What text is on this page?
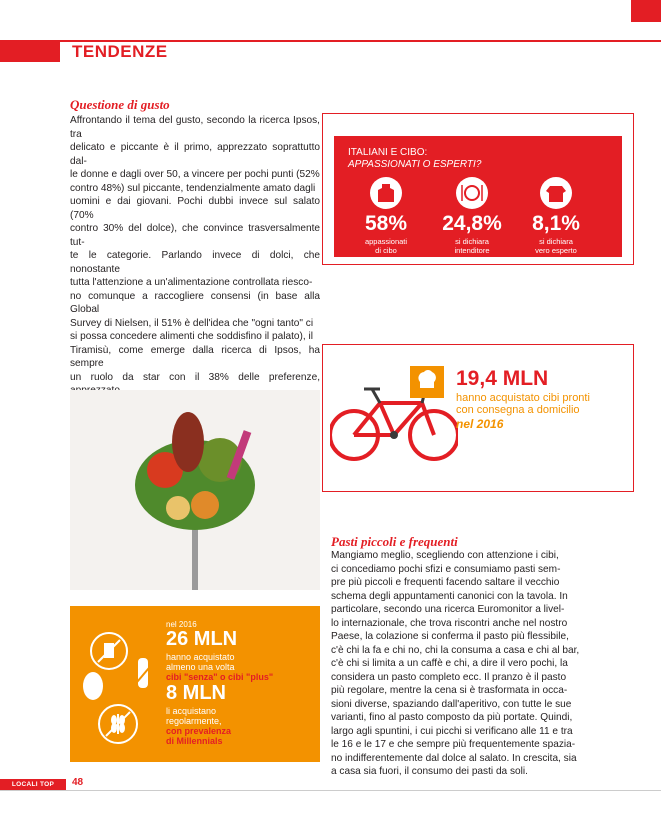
TENDENZE
Questione di gusto

Affrontando il tema del gusto, secondo la ricerca Ipsos, tra

delicato e piccante è il primo, apprezzato soprattutto dal-

le donne e dagli over 50, a vincere per pochi punti (52%

contro 48%) sul piccante, tendenzialmente amato dagli

uomini e dai giovani. Pochi dubbi invece sul salato (70%

contro 30% del dolce), che convince trasversalmente tut-

te le categorie. Parlando invece di dolci, che nonostante

tutta l'attenzione a un'alimentazione controllata riesco-

no comunque a raccogliere consensi (in base alla Global

Survey di Nielsen, il 51% è dell'idea che "ogni tanto" ci

si possa concedere alimenti che soddisfino il palato), il

Tiramisù, come emerge dalla ricerca di Ipsos, ha sempre

un ruolo da star con il 38% delle preferenze,

ITALIANI E CIBO:
APPASSIONATI O ESPERTI?
58%
appassionati
di cibo
24,8%
si dichiara
intenditore
8,1%
si dichiara
vero esperto
19,4 MLN
hanno acquistato cibi pronti
con consegna a domicilio
nel 2016
Pasti piccoli e frequenti

Mangiamo meglio, scegliendo con attenzione i cibi,

ci concediamo pochi sfizi e consumiamo pasti sem-

pre più piccoli e frequenti facendo saltare il vecchio

schema degli appuntamenti canonici con la tavola. In

particolare, secondo una ricerca Euromonitor a livel-

lo internazionale, che trova riscontri anche nel nostro

Paese, la colazione si conferma il pasto più flessibile,

c'è chi la fa e chi no, chi la consuma a casa e chi al bar,

c'è chi si limita a un caffè e chi, a dire il vero pochi, la

considera un pasto completo ecc. Il pranzo è il pasto

più regolare, mentre la cena si è trasformata in occa-

sioni diverse, spaziando dall'aperitivo, con tutte le sue

varianti, fino al pasto composto da più portate. Quindi,

largo agli spuntini, i cui picchi si verificano alle 11 e tra

le 16 e le 17 e che sempre più frequentemente spazia-

no indifferentemente dal dolce al salato. In crescita, sia

a casa sia fuori, il consumo dei pasti da soli.

nel 2016
26 MLN
hanno acquistato
almeno una volta
cibi "senza" o cibi "plus"
8 MLN
li acquistano
regolarmente,
con prevalenza
di Millennials
LOCALI TOP	48
